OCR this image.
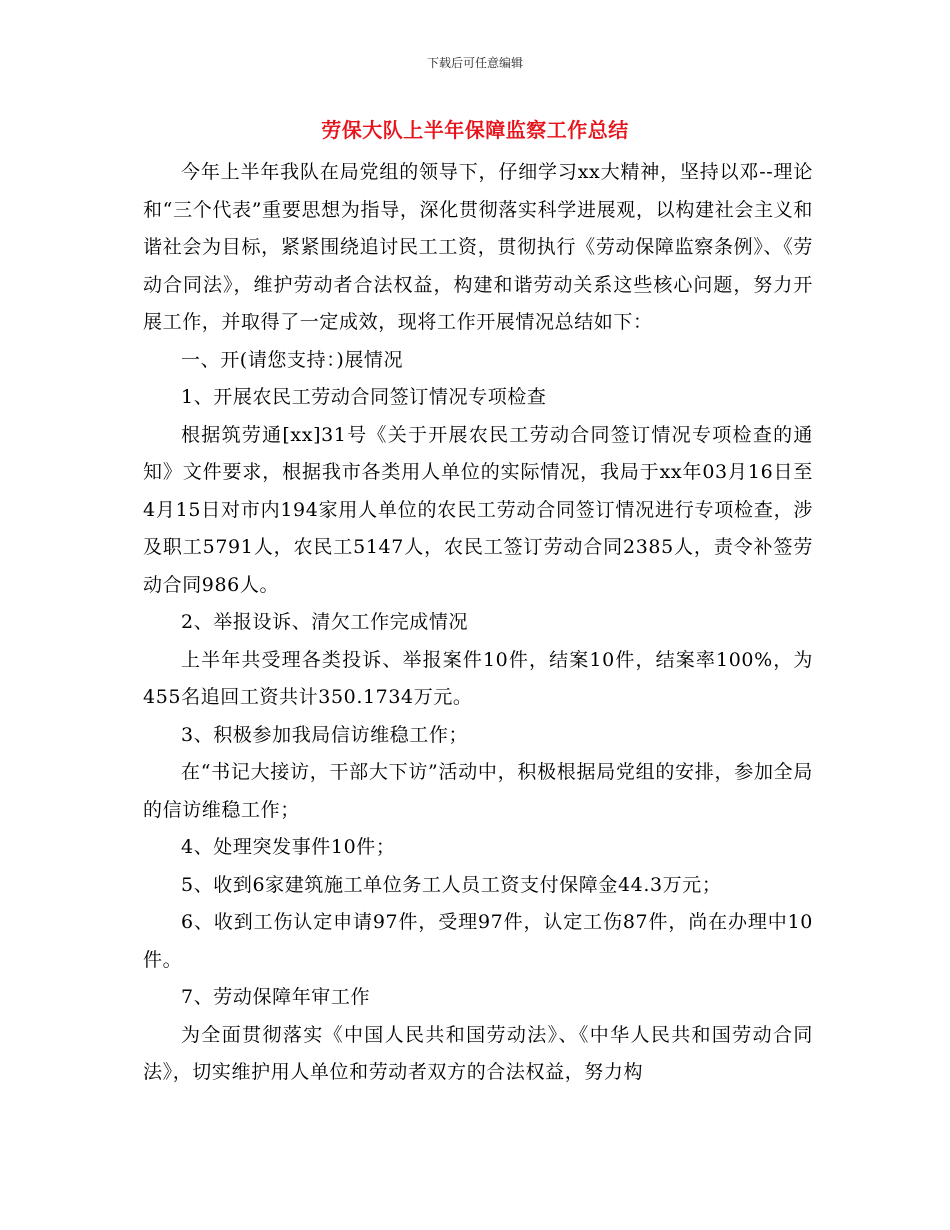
下载后可任意编辑
劳保大队上半年保障监察工作总结

今年上半年我队在局党组的领导下，仔细学习xx大精神，坚持以邓--理论和“三个代表”重要思想为指导，深化贯彻落实科学进展观，以构建社会主义和谐社会为目标，紧紧围绕追讨民工工资，贯彻执行《劳动保障监察条例》、《劳动合同法》，维护劳动者合法权益，构建和谐劳动关系这些核心问题，努力开展工作，并取得了一定成效，现将工作开展情况总结如下：

一、开(请您支持：)展情况

1、开展农民工劳动合同签订情况专项检查

根据筑劳通[xx]31号《关于开展农民工劳动合同签订情况专项检查的通知》文件要求，根据我市各类用人单位的实际情况，我局于xx年03月16日至4月15日对市内194家用人单位的农民工劳动合同签订情况进行专项检查，涉及职工5791人，农民工5147人，农民工签订劳动合同2385人，责令补签劳动合同986人。

2、举报设诉、清欠工作完成情况

上半年共受理各类投诉、举报案件10件，结案10件，结案率100%，为455名追回工资共计350.1734万元。

3、积极参加我局信访维稳工作；

在“书记大接访，干部大下访”活动中，积极根据局党组的安排，参加全局的信访维稳工作；

4、处理突发事件10件；

5、收到6家建筑施工单位务工人员工资支付保障金44.3万元；

6、收到工伤认定申请97件，受理97件，认定工伤87件，尚在办理中10件。

7、劳动保障年审工作

为全面贯彻落实《中国人民共和国劳动法》、《中华人民共和国劳动合同法》，切实维护用人单位和劳动者双方的合法权益，努力构
